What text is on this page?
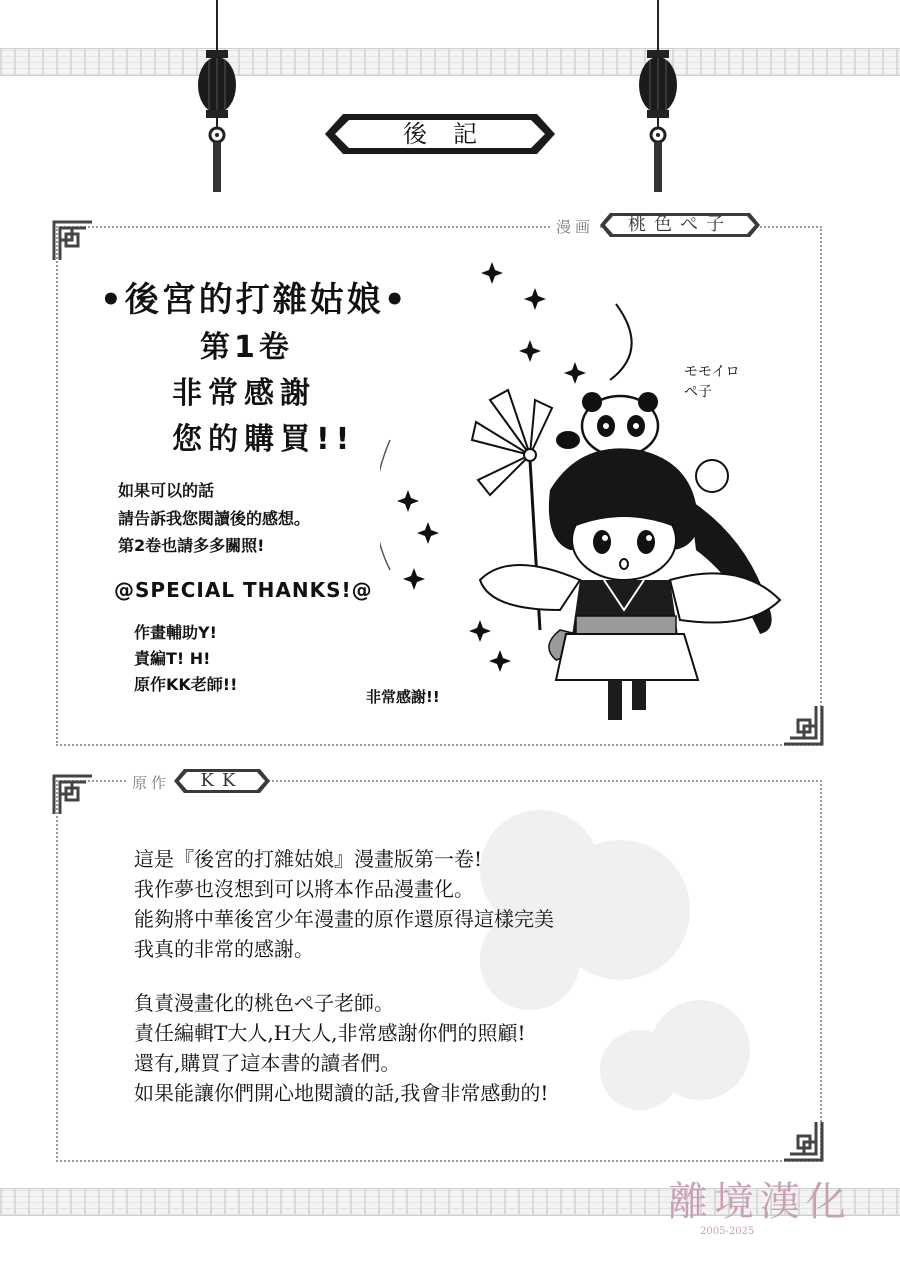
後記
漫画	桃色ぺ子
•後宮的打雜姑娘•
第1卷
非常感謝
您的購買!!
如果可以的話
請告訴我您閱讀後的感想。
第2卷也請多多關照!
@SPECIAL THANKS!@
作畫輔助Y!
責編T! H!
原作KK老師!!
非常感謝!!
モモイロ
ペ子
原作	KK
這是『後宮的打雜姑娘』漫畫版第一卷!
我作夢也沒想到可以將本作品漫畫化。
能夠將中華後宮少年漫畫的原作還原得這樣完美
我真的非常的感謝。
負責漫畫化的桃色ぺ子老師。
責任編輯T大人,H大人,非常感謝你們的照顧!
還有,購買了這本書的讀者們。
如果能讓你們開心地閱讀的話,我會非常感動的!
離境漢化
2005-2025
